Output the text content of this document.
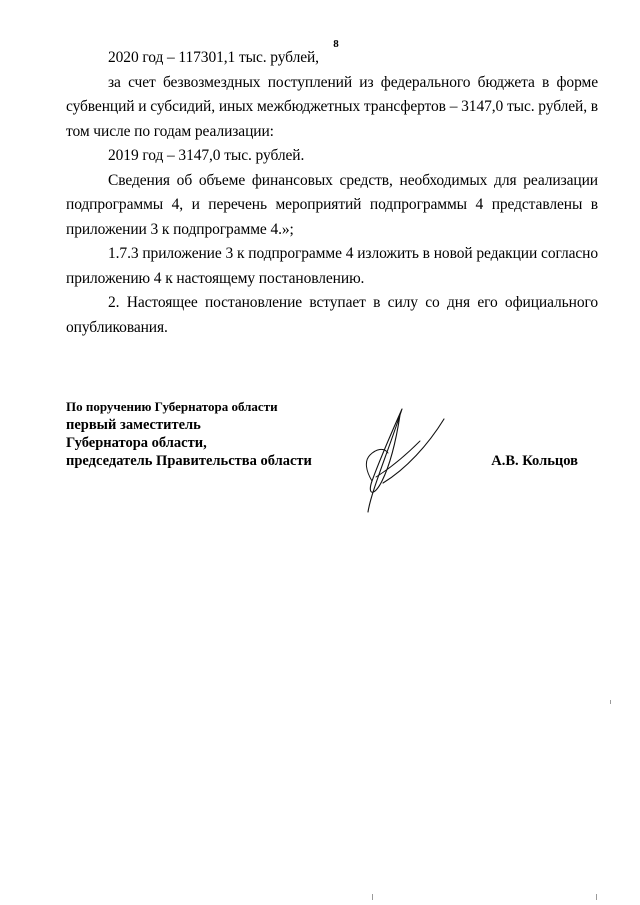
8

2020 год – 117301,1 тыс. рублей,

за счет безвозмездных поступлений из федерального бюджета в форме субвенций и субсидий, иных межбюджетных трансфертов – 3147,0 тыс. рублей, в том числе по годам реализации:

2019 год – 3147,0 тыс. рублей.

Сведения об объеме финансовых средств, необходимых для реализации подпрограммы 4, и перечень мероприятий подпрограммы 4 представлены в приложении 3 к подпрограмме 4.»;

1.7.3 приложение 3 к подпрограмме 4 изложить в новой редакции согласно приложению 4 к настоящему постановлению.

2. Настоящее постановление вступает в силу со дня его официального опубликования.

По поручению Губернатора области
первый заместитель
Губернатора области,
председатель Правительства области	А.В. Кольцов
